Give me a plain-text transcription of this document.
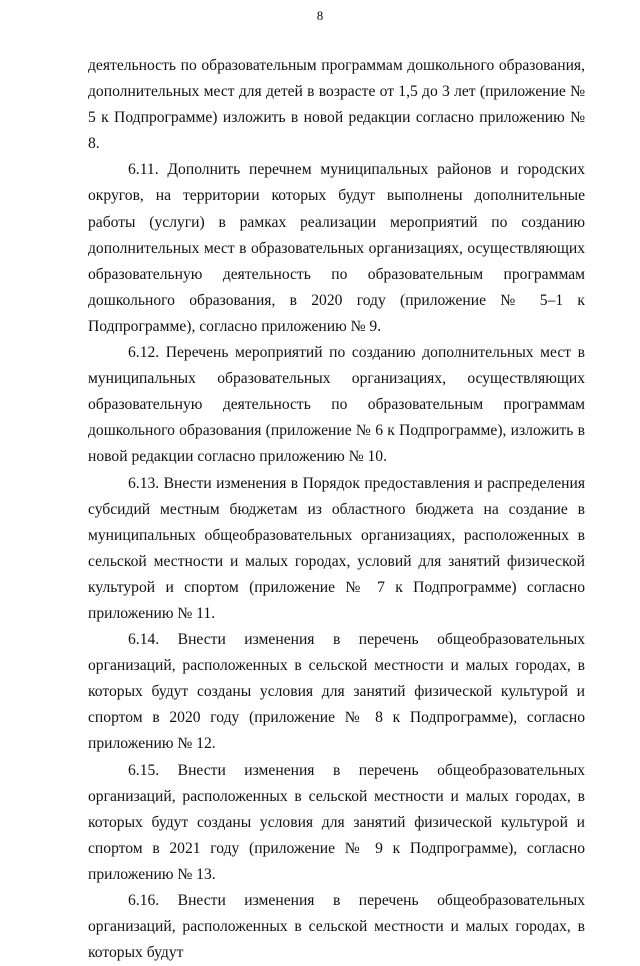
8

деятельность по образовательным программам дошкольного образования, дополнительных мест для детей в возрасте от 1,5 до 3 лет (приложение № 5 к Подпрограмме) изложить в новой редакции согласно приложению № 8.

6.11. Дополнить перечнем муниципальных районов и городских округов, на территории которых будут выполнены дополнительные работы (услуги) в рамках реализации мероприятий по созданию дополнительных мест в образовательных организациях, осуществляющих образовательную деятельность по образовательным программам дошкольного образования, в 2020 году (приложение № 5–1 к Подпрограмме), согласно приложению № 9.

6.12. Перечень мероприятий по созданию дополнительных мест в муниципальных образовательных организациях, осуществляющих образовательную деятельность по образовательным программам дошкольного образования (приложение № 6 к Подпрограмме), изложить в новой редакции согласно приложению № 10.

6.13. Внести изменения в Порядок предоставления и распределения субсидий местным бюджетам из областного бюджета на создание в муниципальных общеобразовательных организациях, расположенных в сельской местности и малых городах, условий для занятий физической культурой и спортом (приложение № 7 к Подпрограмме) согласно приложению № 11.

6.14. Внести изменения в перечень общеобразовательных организаций, расположенных в сельской местности и малых городах, в которых будут созданы условия для занятий физической культурой и спортом в 2020 году (приложение № 8 к Подпрограмме), согласно приложению № 12.

6.15. Внести изменения в перечень общеобразовательных организаций, расположенных в сельской местности и малых городах, в которых будут созданы условия для занятий физической культурой и спортом в 2021 году (приложение № 9 к Подпрограмме), согласно приложению № 13.

6.16. Внести изменения в перечень общеобразовательных организаций, расположенных в сельской местности и малых городах, в которых будут
